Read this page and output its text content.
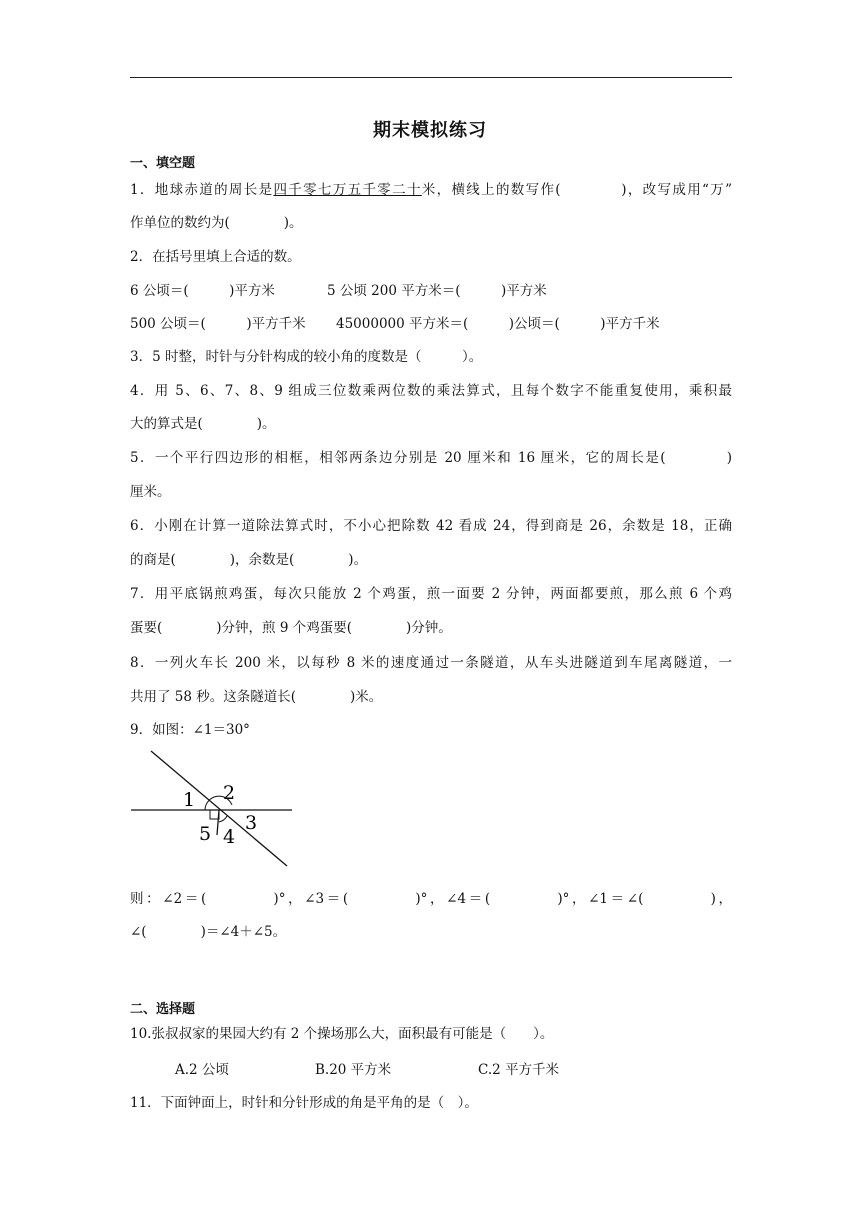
期末模拟练习
一、填空题
1．地球赤道的周长是四千零七万五千零二十米，横线上的数写作(　　　　)，改写成用“万”
作单位的数约为(　　　　)。
2．在括号里填上合适的数。
6 公顷＝(　　　)平方米	5 公顷 200 平方米＝(　　　)平方米
500 公顷＝(　　　)平方千米 45000000 平方米＝(　　　)公顷＝(　　　)平方千米
3．5 时整，时针与分针构成的较小角的度数是（　　　）。
4．用 5、6、7、8、9 组成三位数乘两位数的乘法算式，且每个数字不能重复使用，乘积最
大的算式是(　　　　)。
5．一个平行四边形的相框，相邻两条边分别是 20 厘米和 16 厘米，它的周长是(　　　　)
厘米。
6．小刚在计算一道除法算式时，不小心把除数 42 看成 24，得到商是 26，余数是 18，正确
的商是(　　　　)，余数是(　　　　)。
7．用平底锅煎鸡蛋，每次只能放 2 个鸡蛋，煎一面要 2 分钟，两面都要煎，那么煎 6 个鸡
蛋要(　　　　)分钟，煎 9 个鸡蛋要(　　　　)分钟。
8．一列火车长 200 米，以每秒 8 米的速度通过一条隧道，从车头进隧道到车尾离隧道，一
共用了 58 秒。这条隧道长(　　　　)米。
9．如图：∠1＝30°
1 2
3
4
5
则：∠2＝(　　　　)°，∠3＝(　　　　)°，∠4＝(　　　　)°，∠1＝∠(　　　　)，
∠(　　　　)＝∠4＋∠5。
二、选择题
10.张叔叔家的果园大约有 2 个操场那么大，面积最有可能是（　　）。
A.2 公顷	B.20 平方米	C.2 平方千米
11．下面钟面上，时针和分针形成的角是平角的是（　）。
